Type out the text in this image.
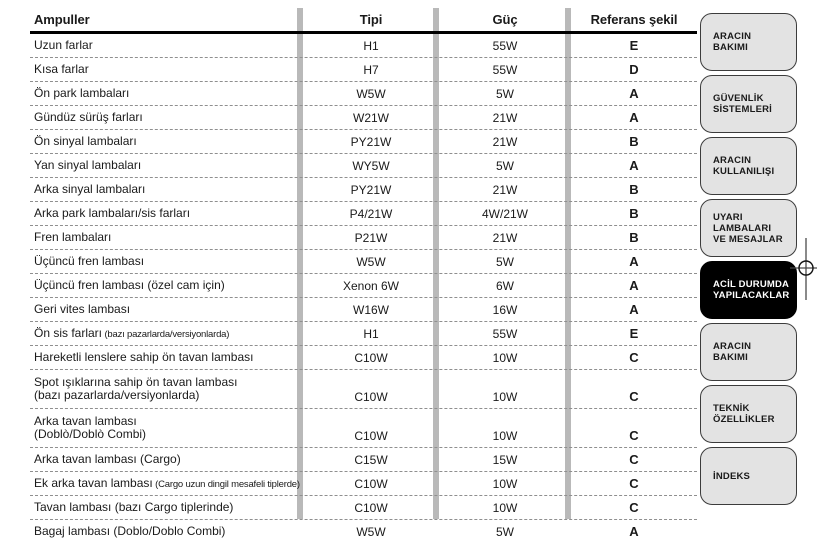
Ampuller	Tipi	Güç	Referans şekil
Uzun farlar	H1	55W	E
Kısa farlar	H7	55W	D
Ön park lambaları	W5W	5W	A
Gündüz sürüş farları	W21W	21W	A
Ön sinyal lambaları	PY21W	21W	B
Yan sinyal lambaları	WY5W	5W	A
Arka sinyal lambaları	PY21W	21W	B
Arka park lambaları/sis farları	P4/21W	4W/21W	B
Fren lambaları	P21W	21W	B
Üçüncü fren lambası	W5W	5W	A
Üçüncü fren lambası (özel cam için)	Xenon 6W	6W	A
Geri vites lambası	W16W	16W	A
Ön sis farları (bazı pazarlarda/versiyonlarda)	H1	55W	E
Hareketli lenslere sahip ön tavan lambası	C10W	10W	C
Spot ışıklarına sahip ön tavan lambası
(bazı pazarlarda/versiyonlarda)	C10W	10W	C
Arka tavan lambası
(Doblò/Doblò Combi)	C10W	10W	C
Arka tavan lambası (Cargo)	C15W	15W	C
Ek arka tavan lambası (Cargo uzun dingil mesafeli tiplerde)	C10W	10W	C
Tavan lambası (bazı Cargo tiplerinde)	C10W	10W	C
Bagaj lambası (Doblo/Doblo Combi)	W5W	5W	A
ARACIN
BAKIMI
GÜVENLİK
SİSTEMLERİ
ARACIN
KULLANILIŞI
UYARI
LAMBALARI
VE MESAJLAR
ACİL DURUMDA
YAPILACAKLAR
ARACIN
BAKIMI
TEKNİK
ÖZELLİKLER
İNDEKS
